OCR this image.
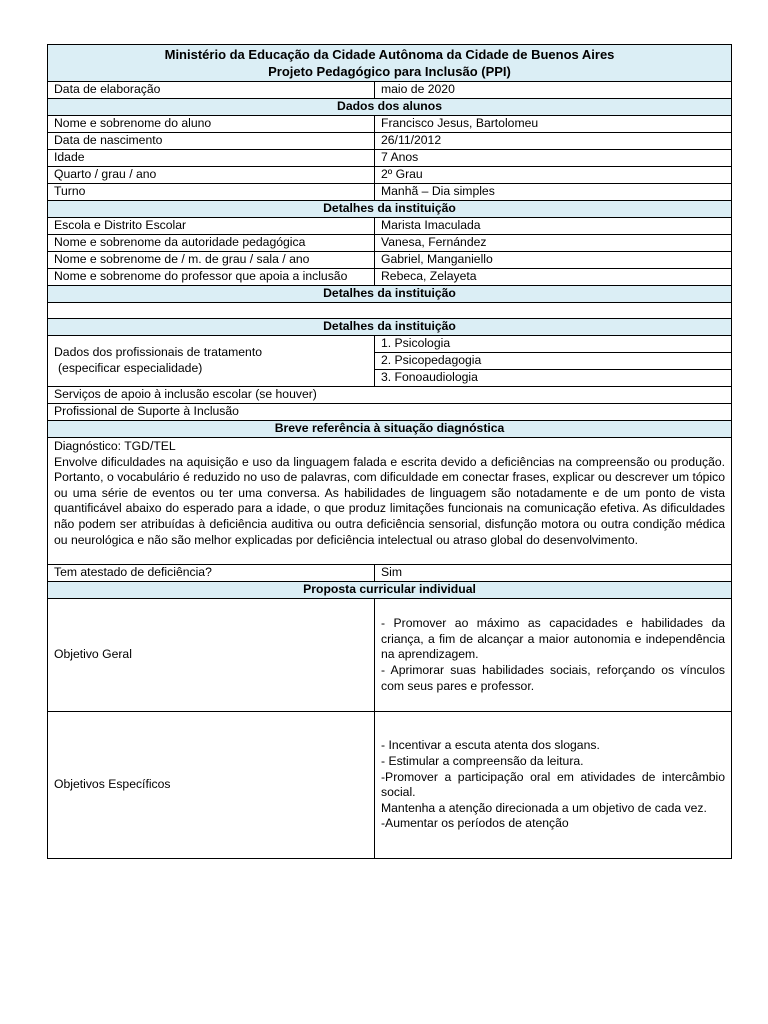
Ministério da Educação da Cidade Autônoma da Cidade de Buenos Aires
Projeto Pedagógico para Inclusão (PPI)	

Data de elaboração	maio de 2020
Dados dos alunos	
Nome e sobrenome do aluno	Francisco Jesus, Bartolomeu
Data de nascimento	26/11/2012
Idade	7 Anos
Quarto / grau / ano	2º Grau
Turno	Manhã – Dia simples
Detalhes da instituição	
Escola e Distrito Escolar	Marista Imaculada
Nome e sobrenome da autoridade pedagógica	Vanesa, Fernández
Nome e sobrenome de / m. de grau / sala / ano	Gabriel, Manganiello
Nome e sobrenome do professor que apoia a inclusão	Rebeca, Zelayeta
Detalhes da instituição	

Detalhes da instituição	

Dados dos profissionais de tratamento
(especificar especialidade)	1. Psicologia
	2. Psicopedagogia
	3. Fonoaudiologia
Serviços de apoio à inclusão escolar (se houver)	
Profissional de Suporte à Inclusão	
Breve referência à situação diagnóstica	

Diagnóstico: TGD/TEL
Envolve dificuldades na aquisição e uso da linguagem falada e escrita devido a deficiências na compreensão ou produção. Portanto, o vocabulário é reduzido no uso de palavras, com dificuldade em conectar frases, explicar ou descrever um tópico ou uma série de eventos ou ter uma conversa. As habilidades de linguagem são notadamente e de um ponto de vista quantificável abaixo do esperado para a idade, o que produz limitações funcionais na comunicação efetiva. As dificuldades não podem ser atribuídas à deficiência auditiva ou outra deficiência sensorial, disfunção motora ou outra condição médica ou neurológica e não são melhor explicadas por deficiência intelectual ou atraso global do desenvolvimento.	

Tem atestado de deficiência?	Sim
Proposta curricular individual	
Objetivo Geral	- Promover ao máximo as capacidades e habilidades da criança, a fim de alcançar a maior autonomia e independência na aprendizagem.
- Aprimorar suas habilidades sociais, reforçando os vínculos com seus pares e professor.

Objetivos Específicos	- Incentivar a escuta atenta dos slogans.
- Estimular a compreensão da leitura.
-Promover a participação oral em atividades de intercâmbio social.
Mantenha a atenção direcionada a um objetivo de cada vez.
-Aumentar os períodos de atenção
